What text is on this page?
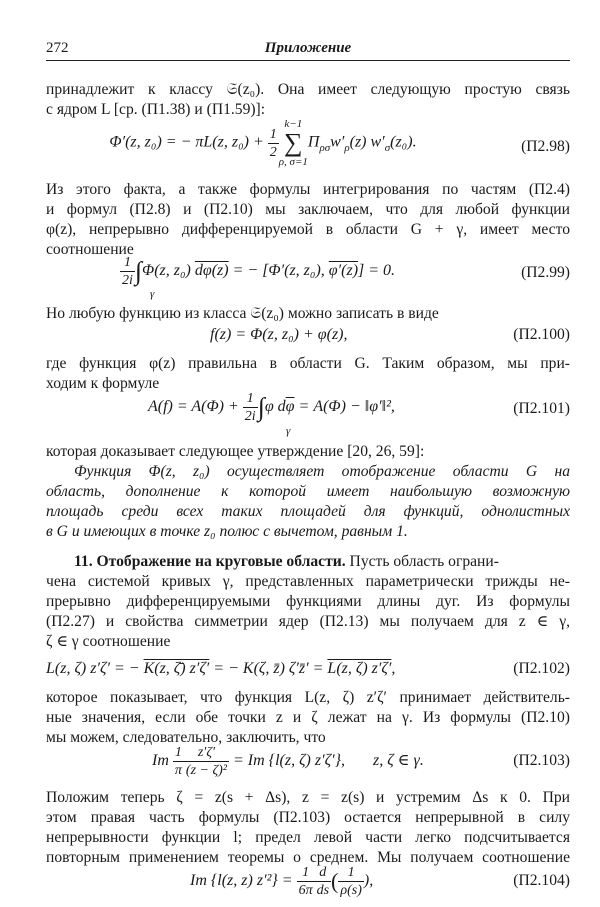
272	Приложение
принадлежит к классу 𝔖(z₀). Она имеет следующую простую связь
с ядром L [ср. (П1.38) и (П1.59)]:
Φ′(z, z₀) = − πL(z, $z_0) + \frac{1}{2}$
k−1
∑
ρ, $\sigma=1\Pi_{\rho\sigma}w'_\rho(z)$ $w'_\sigma(z_0)$.	(П2.98)
Из этого факта, а также формулы интегрирования по частям (П2.4)
и формул (П2.8) и (П2.10) мы заключаем, что для любой функции
φ(z), непрерывно дифференцируемой в области G + γ, имеет место
соотношение
$\frac{1}{2i} \int\Phi(z$, z₀) dφ(z) = − [Φ′(z, z₀), φ′(z)] = 0.
γ
(П2.99)
Но любую функцию из класса 𝔖(z₀) можно записать в виде
f(z) = Φ(z, z₀) + φ(z),	(П2.100)
где функция φ(z) правильна в области G. Таким образом, мы при-
ходим к формуле
$A(f) = A(\Phi) + \frac{1}{2i} \int\varphi$ $d\overline{\varphi} = A(\Phi)$ − ‖φ′‖²,
γ
(П2.101)
которая доказывает следующее утверждение [20, 26, 59]:
Функция Φ(z, z₀) осуществляет отображение области G на
область, дополнение к которой имеет наибольшую возможную
площадь среди всех таких площадей для функций, однолистных
в G и имеющих в точке z₀ полюс с вычетом, равным 1.
11. Отображение на круговые области. Пусть область ограни-
чена системой кривых γ, представленных параметрически трижды не-
прерывно дифференцируемыми функциями длины дуг. Из формулы
(П2.27) и свойства симметрии ядер (П2.13) мы получаем для z ∈ γ,
ζ ∈ γ соотношение
L(z, ζ) z′ζ′ = − K(z, ζ̄) z′ζ′ = − K(ζ, z̄) ζ′z̄′ = L(z, ζ) z′ζ′,	(П2.102)
которое показывает, что функция L(z, ζ) z′ζ′ принимает действитель-
ные значения, если обе точки z и ζ лежат на γ. Из формулы (П2.10)
мы можем, следовательно, заключить, что
Im $\frac{1}{\pi} \frac{z'\zeta'}{\text{(z − ζ)²}} = Im$ {l(z, ζ) z′ζ′}, z, ζ ∈ γ.	(П2.103)
Положим теперь ζ = z(s + Δs), z = z(s) и устремим Δs к 0. При
этом правая часть формулы (П2.103) остается непрерывной в силу
непрерывности функции l; предел левой части легко подсчитывается
повторным применением теоремы о среднем. Мы получаем соотношение
Im {l(z, z) $z'^2\} = \frac{1}{6\pi} \frac{d}{ds}$ ( $\frac{1}{\rho(s)}$ ),	(П2.104)
